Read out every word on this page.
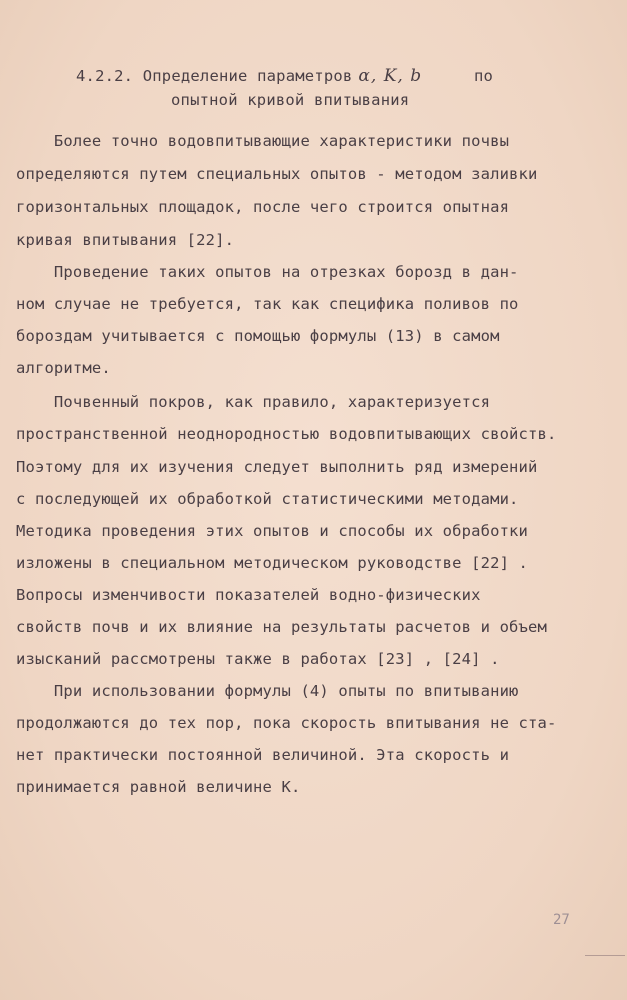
4.2.2. Определение параметров α, K, b	по
опытной кривой впитывания
Более точно водовпитывающие характеристики почвы
определяются путем специальных опытов - методом заливки
горизонтальных площадок, после чего строится опытная
кривая впитывания [22].
Проведение таких опытов на отрезках борозд в дан-
ном случае не требуется, так как специфика поливов по
бороздам учитывается с помощью формулы (13) в самом
алгоритме.
Почвенный покров, как правило, характеризуется
пространственной неоднородностью водовпитывающих свойств.
Поэтому для их изучения следует выполнить ряд измерений
с последующей их обработкой статистическими методами.
Методика проведения этих опытов и способы их обработки
изложены в специальном методическом руководстве [22] .
Вопросы изменчивости показателей водно-физических
свойств почв и их влияние на результаты расчетов и объем
изысканий рассмотрены также в работах [23] , [24] .
При использовании формулы (4) опыты по впитыванию
продолжаются до тех пор, пока скорость впитывания не ста-
нет практически постоянной величиной. Эта скорость и
принимается равной величине К.
27
